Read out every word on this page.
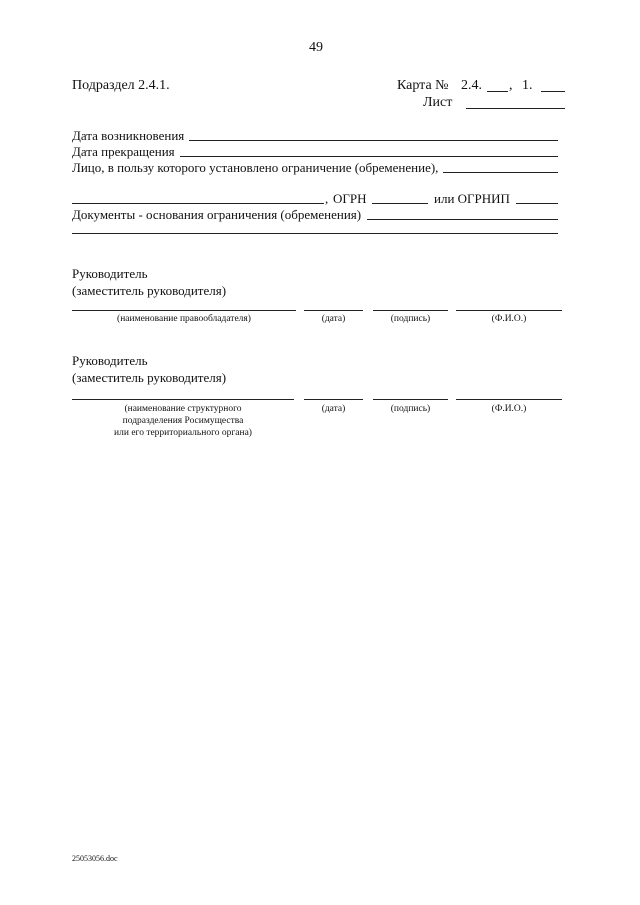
49
Подраздел 2.4.1.	Карта № 2.4. , 1.
Лист
Дата возникновения
Дата прекращения
Лицо, в пользу которого установлено ограничение (обременение),
, ОГРН	или ОГРНИП
Документы - основания ограничения (обременения)
Руководитель
(заместитель руководителя)
(наименование правообладателя)	(дата)	(подпись)	(Ф.И.О.)
Руководитель
(заместитель руководителя)
(наименование структурного
подразделения Росимущества
или его территориального органа)
(дата)	(подпись)	(Ф.И.О.)
25053056.doc
